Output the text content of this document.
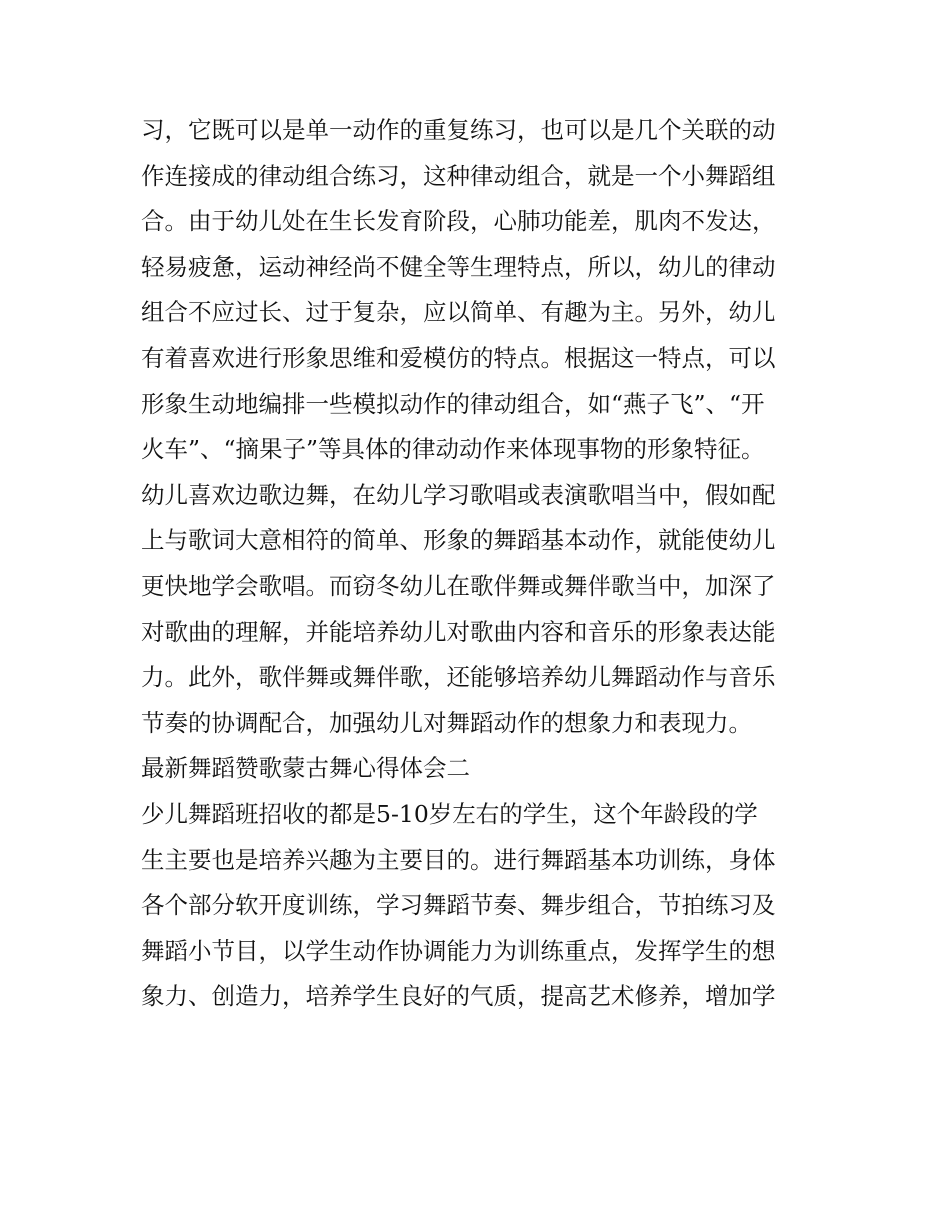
习，它既可以是单一动作的重复练习，也可以是几个关联的动
作连接成的律动组合练习，这种律动组合，就是一个小舞蹈组
合。由于幼儿处在生长发育阶段，心肺功能差，肌肉不发达，
轻易疲惫，运动神经尚不健全等生理特点，所以，幼儿的律动
组合不应过长、过于复杂，应以简单、有趣为主。另外，幼儿
有着喜欢进行形象思维和爱模仿的特点。根据这一特点，可以
形象生动地编排一些模拟动作的律动组合，如“燕子飞”、“开
火车”、“摘果子”等具体的律动动作来体现事物的形象特征。
幼儿喜欢边歌边舞，在幼儿学习歌唱或表演歌唱当中，假如配
上与歌词大意相符的简单、形象的舞蹈基本动作，就能使幼儿
更快地学会歌唱。而窃冬幼儿在歌伴舞或舞伴歌当中，加深了
对歌曲的理解，并能培养幼儿对歌曲内容和音乐的形象表达能
力。此外，歌伴舞或舞伴歌，还能够培养幼儿舞蹈动作与音乐
节奏的协调配合，加强幼儿对舞蹈动作的想象力和表现力。
最新舞蹈赞歌蒙古舞心得体会二
少儿舞蹈班招收的都是5-10岁左右的学生，这个年龄段的学
生主要也是培养兴趣为主要目的。进行舞蹈基本功训练，身体
各个部分软开度训练，学习舞蹈节奏、舞步组合，节拍练习及
舞蹈小节目，以学生动作协调能力为训练重点，发挥学生的想
象力、创造力，培养学生良好的气质，提高艺术修养，增加学
